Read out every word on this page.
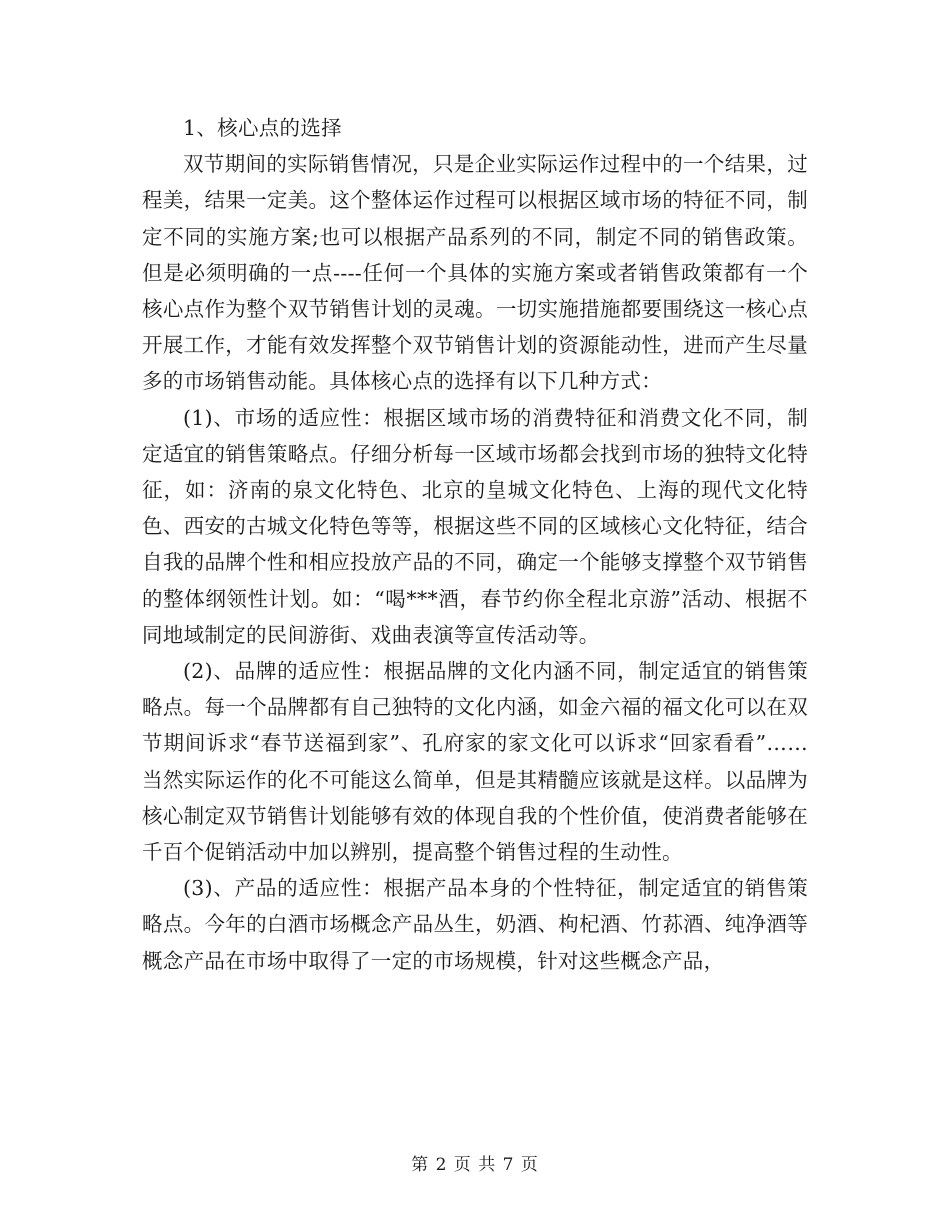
1、核心点的选择

双节期间的实际销售情况，只是企业实际运作过程中的一个结果，过程美，结果一定美。这个整体运作过程可以根据区域市场的特征不同，制定不同的实施方案;也可以根据产品系列的不同，制定不同的销售政策。但是必须明确的一点----任何一个具体的实施方案或者销售政策都有一个核心点作为整个双节销售计划的灵魂。一切实施措施都要围绕这一核心点开展工作，才能有效发挥整个双节销售计划的资源能动性，进而产生尽量多的市场销售动能。具体核心点的选择有以下几种方式：

(1)、市场的适应性：根据区域市场的消费特征和消费文化不同，制定适宜的销售策略点。仔细分析每一区域市场都会找到市场的独特文化特征，如：济南的泉文化特色、北京的皇城文化特色、上海的现代文化特色、西安的古城文化特色等等，根据这些不同的区域核心文化特征，结合自我的品牌个性和相应投放产品的不同，确定一个能够支撑整个双节销售的整体纲领性计划。如：“喝***酒，春节约你全程北京游”活动、根据不同地域制定的民间游街、戏曲表演等宣传活动等。

(2)、品牌的适应性：根据品牌的文化内涵不同，制定适宜的销售策略点。每一个品牌都有自己独特的文化内涵，如金六福的福文化可以在双节期间诉求“春节送福到家”、孔府家的家文化可以诉求“回家看看”……当然实际运作的化不可能这么简单，但是其精髓应该就是这样。以品牌为核心制定双节销售计划能够有效的体现自我的个性价值，使消费者能够在千百个促销活动中加以辨别，提高整个销售过程的生动性。

(3)、产品的适应性：根据产品本身的个性特征，制定适宜的销售策略点。今年的白酒市场概念产品丛生，奶酒、枸杞酒、竹荪酒、纯净酒等概念产品在市场中取得了一定的市场规模，针对这些概念产品，

第 2 页 共 7 页
